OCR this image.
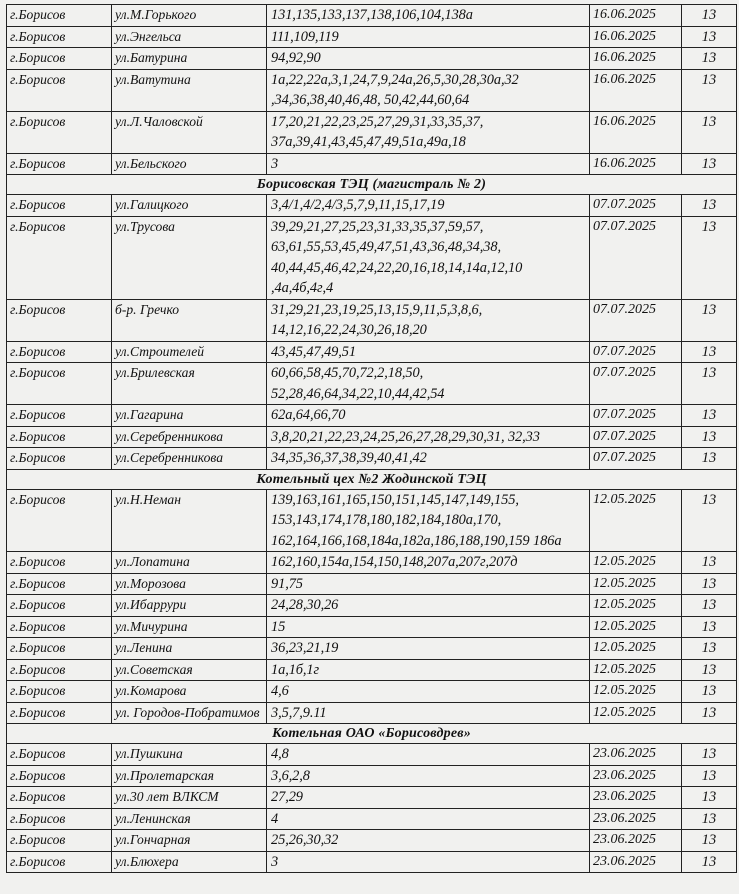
г.Борисов	ул.М.Горького	131,135,133,137,138,106,104,138а	16.06.2025	13
г.Борисов	ул.Энгельса	111,109,119	16.06.2025	13
г.Борисов	ул.Батурина	94,92,90	16.06.2025	13
г.Борисов	ул.Ватутина	1а,22,22а,3,1,24,7,9,24а,26,5,30,28,30а,32 ,34,36,38,40,46,48, 50,42,44,60,64	16.06.2025	13
г.Борисов	ул.Л.Чаловской	17,20,21,22,23,25,27,29,31,33,35,37, 37а,39,41,43,45,47,49,51а,49а,18	16.06.2025	13
г.Борисов	ул.Бельского	3	16.06.2025	13
Борисовская ТЭЦ (магистраль № 2)				
г.Борисов	ул.Галицкого	3,4/1,4/2,4/3,5,7,9,11,15,17,19	07.07.2025	13
г.Борисов	ул.Трусова	39,29,21,27,25,23,31,33,35,37,59,57, 63,61,55,53,45,49,47,51,43,36,48,34,38, 40,44,45,46,42,24,22,20,16,18,14,14а,12,10 ,4а,4б,4г,4	07.07.2025	13
г.Борисов	б-р. Гречко	31,29,21,23,19,25,13,15,9,11,5,3,8,6, 14,12,16,22,24,30,26,18,20	07.07.2025	13
г.Борисов	ул.Строителей	43,45,47,49,51	07.07.2025	13
г.Борисов	ул.Брилевская	60,66,58,45,70,72,2,18,50, 52,28,46,64,34,22,10,44,42,54	07.07.2025	13
г.Борисов	ул.Гагарина	62а,64,66,70	07.07.2025	13
г.Борисов	ул.Серебренникова	3,8,20,21,22,23,24,25,26,27,28,29,30,31, 32,33	07.07.2025	13
г.Борисов	ул.Серебренникова	34,35,36,37,38,39,40,41,42	07.07.2025	13
Котельный цех №2 Жодинской ТЭЦ				
г.Борисов	ул.Н.Неман	139,163,161,165,150,151,145,147,149,155, 153,143,174,178,180,182,184,180а,170, 162,164,166,168,184а,182а,186,188,190,159 186а	12.05.2025	13
г.Борисов	ул.Лопатина	162,160,154а,154,150,148,207а,207г,207д	12.05.2025	13
г.Борисов	ул.Морозова	91,75	12.05.2025	13
г.Борисов	ул.Ибаррури	24,28,30,26	12.05.2025	13
г.Борисов	ул.Мичурина	15	12.05.2025	13
г.Борисов	ул.Ленина	36,23,21,19	12.05.2025	13
г.Борисов	ул.Советская	1а,1б,1г	12.05.2025	13
г.Борисов	ул.Комарова	4,6	12.05.2025	13
г.Борисов	ул. Городов-Побратимов	3,5,7,9.11	12.05.2025	13
Котельная ОАО «Борисовдрев»				
г.Борисов	ул.Пушкина	4,8	23.06.2025	13
г.Борисов	ул.Пролетарская	3,6,2,8	23.06.2025	13
г.Борисов	ул.30 лет ВЛКСМ	27,29	23.06.2025	13
г.Борисов	ул.Ленинская	4	23.06.2025	13
г.Борисов	ул.Гончарная	25,26,30,32	23.06.2025	13
г.Борисов	ул.Блюхера	3	23.06.2025	13
